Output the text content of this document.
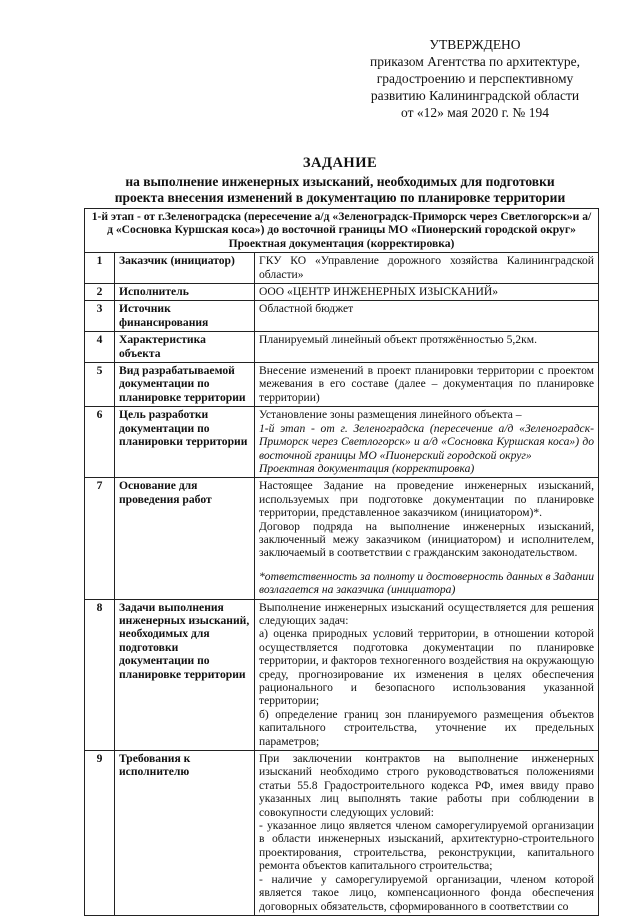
УТВЕРЖДЕНО
приказом Агентства по архитектуре,
градостроению и перспективному
развитию Калининградской области
от «12» мая 2020 г. № 194
ЗАДАНИЕ
на выполнение инженерных изысканий, необходимых для подготовки
проекта внесения изменений в документацию по планировке территории
1-й этап - от г.Зеленоградска (пересечение а/д «Зеленоградск-Приморск через Светлогорск»и а/д «Сосновка Куршская коса») до восточной границы МО «Пионерский городской округ»
Проектная документация (корректировка)		

1	Заказчик (инициатор)	ГКУ КО «Управление дорожного хозяйства Калининградской области»
2	Исполнитель	ООО «ЦЕНТР ИНЖЕНЕРНЫХ ИЗЫСКАНИЙ»
3	Источник финансирования	Областной бюджет
4	Характеристика объекта	Планируемый линейный объект протяжённостью 5,2км.
5	Вид разрабатываемой документации по планировке территории	Внесение изменений в проект планировки территории с проектом межевания в его составе (далее – документация по планировке территории)
6	Цель разработки документации по планировки территории	Установление зоны размещения линейного объекта –

1-й этап - от г. Зеленоградска (пересечение а/д «Зеленоградск-Приморск через Светлогорск» и а/д «Сосновка Куршская коса») до восточной границы МО «Пионерский городской округ»

Проектная документация (корректировка)

7	Основание для проведения работ	Настоящее Задание на проведение инженерных изысканий, используемых при подготовке документации по планировке территории, представленное заказчиком (инициатором)*.

Договор подряда на выполнение инженерных изысканий, заключенный межу заказчиком (инициатором) и исполнителем, заключаемый в соответствии с гражданским законодательством.

*ответственность за полноту и достоверность данных в Задании возлагается на заказчика (инициатора)

8	Задачи выполнения инженерных изысканий, необходимых для подготовки документации по планировке территории	Выполнение инженерных изысканий осуществляется для решения следующих задач:

а) оценка природных условий территории, в отношении которой осуществляется подготовка документации по планировке территории, и факторов техногенного воздействия на окружающую среду, прогнозирование их изменения в целях обеспечения рационального и безопасного использования указанной территории;

б) определение границ зон планируемого размещения объектов капитального строительства, уточнение их предельных параметров;

9	Требования к исполнителю	При заключении контрактов на выполнение инженерных изысканий необходимо строго руководствоваться положениями статьи 55.8 Градостроительного кодекса РФ, имея ввиду право указанных лиц выполнять такие работы при соблюдении в совокупности следующих условий:

- указанное лицо является членом саморегулируемой организации в области инженерных изысканий, архитектурно-строительного проектирования, строительства, реконструкции, капитального ремонта объектов капитального строительства;

- наличие у саморегулируемой организации, членом которой является такое лицо, компенсационного фонда обеспечения договорных обязательств, сформированного в соответствии со
